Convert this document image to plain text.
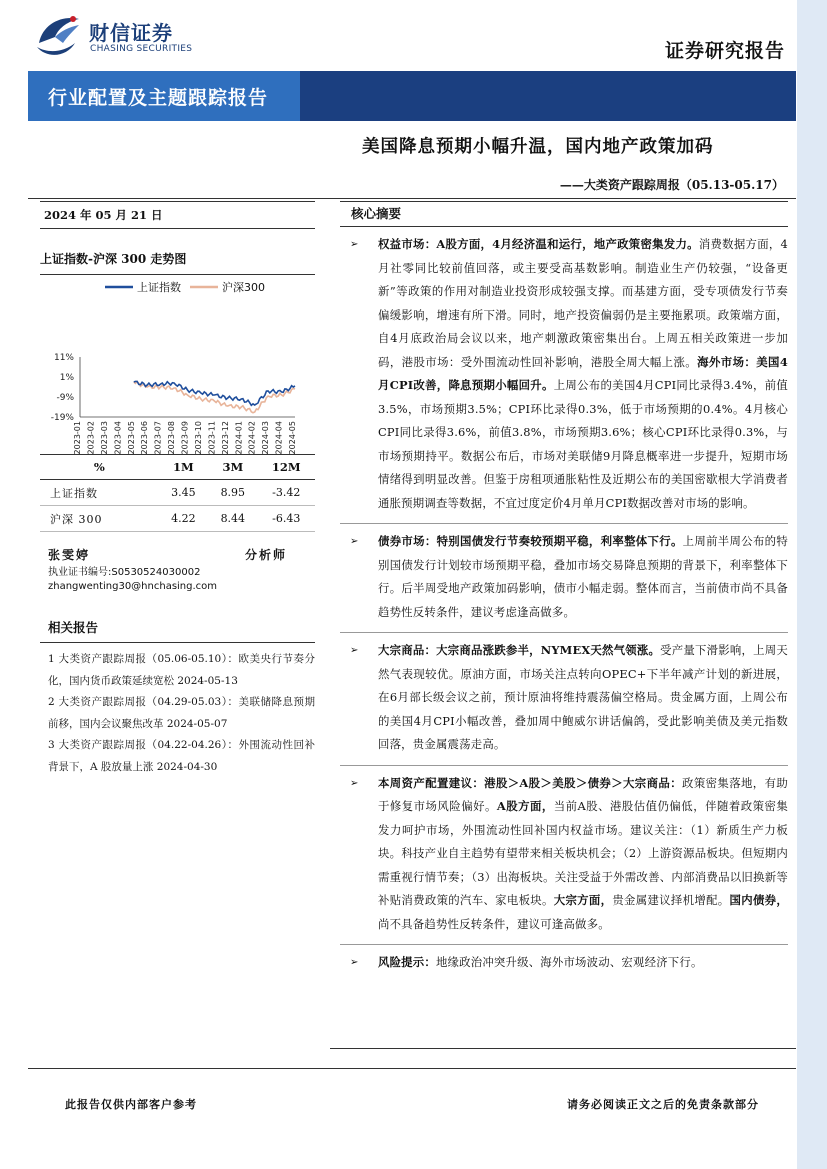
财信证券
CHASING SECURITIES	证券研究报告
行业配置及主题跟踪报告
美国降息预期小幅升温，国内地产政策加码
——大类资产跟踪周报（05.13-05.17）
2024 年 05 月 21 日
上证指数-沪深 300 走势图
上证指数	沪深300
11%
1%
-9%
-19%
2023-01 2023-02 2023-03 2023-04 2023-05 2023-06 2023-07 2023-08 2023-09 2023-10 2023-11 2023-12 2024-01 2024-02 2024-03 2024-04 2024-05
%	1M	3M	12M
上证指数	3.45	8.95	-3.42
沪深 300	4.22	8.44	-6.43
张雯婷	分析师
执业证书编号:S0530524030002
zhangwenting30@hnchasing.com
相关报告
1 大类资产跟踪周报（05.06-05.10）：欧美央行节奏分化，国内货币政策延续宽松 2024-05-13
2 大类资产跟踪周报（04.29-05.03）：美联储降息预期前移，国内会议聚焦改革 2024-05-07
3 大类资产跟踪周报（04.22-04.26）：外围流动性回补背景下，A 股放量上涨 2024-04-30
核心摘要
➢ 权益市场：A股方面，4月经济温和运行，地产政策密集发力。消费数据方面，4月社零同比较前值回落，或主要受高基数影响。制造业生产仍较强，“设备更新”等政策的作用对制造业投资形成较强支撑。而基建方面，受专项债发行节奏偏缓影响，增速有所下滑。同时，地产投资偏弱仍是主要拖累项。政策端方面，自4月底政治局会议以来，地产刺激政策密集出台。上周五相关政策进一步加码，港股市场：受外围流动性回补影响，港股全周大幅上涨。海外市场：美国4月CPI改善，降息预期小幅回升。上周公布的美国4月CPI同比录得3.4%，前值3.5%，市场预期3.5%；CPI环比录得0.3%，低于市场预期的0.4%。4月核心CPI同比录得3.6%，前值3.8%，市场预期3.6%；核心CPI环比录得0.3%，与市场预期持平。数据公布后，市场对美联储9月降息概率进一步提升，短期市场情绪得到明显改善。但鉴于房租项通胀粘性及近期公布的美国密歇根大学消费者通胀预期调查等数据，不宜过度定价4月单月CPI数据改善对市场的影响。
➢ 债券市场：特别国债发行节奏较预期平稳，利率整体下行。上周前半周公布的特别国债发行计划较市场预期平稳，叠加市场交易降息预期的背景下，利率整体下行。后半周受地产政策加码影响，债市小幅走弱。整体而言，当前债市尚不具备趋势性反转条件，建议考虑逢高做多。
➢ 大宗商品：大宗商品涨跌参半，NYMEX天然气领涨。受产量下滑影响，上周天然气表现较优。原油方面，市场关注点转向OPEC+下半年减产计划的新进展，在6月部长级会议之前，预计原油将维持震荡偏空格局。贵金属方面，上周公布的美国4月CPI小幅改善，叠加周中鲍威尔讲话偏鸽，受此影响美债及美元指数回落，贵金属震荡走高。
➢ 本周资产配置建议：港股＞A股＞美股＞债券＞大宗商品：政策密集落地，有助于修复市场风险偏好。A股方面，当前A股、港股估值仍偏低，伴随着政策密集发力呵护市场，外围流动性回补国内权益市场。建议关注：（1）新质生产力板块。科技产业自主趋势有望带来相关板块机会；（2）上游资源品板块。但短期内需重视行情节奏；（3）出海板块。关注受益于外需改善、内部消费品以旧换新等补贴消费政策的汽车、家电板块。大宗方面，贵金属建议择机增配。国内债券，尚不具备趋势性反转条件，建议可逢高做多。
➢ 风险提示：地缘政治冲突升级、海外市场波动、宏观经济下行。
此报告仅供内部客户参考	请务必阅读正文之后的免责条款部分
